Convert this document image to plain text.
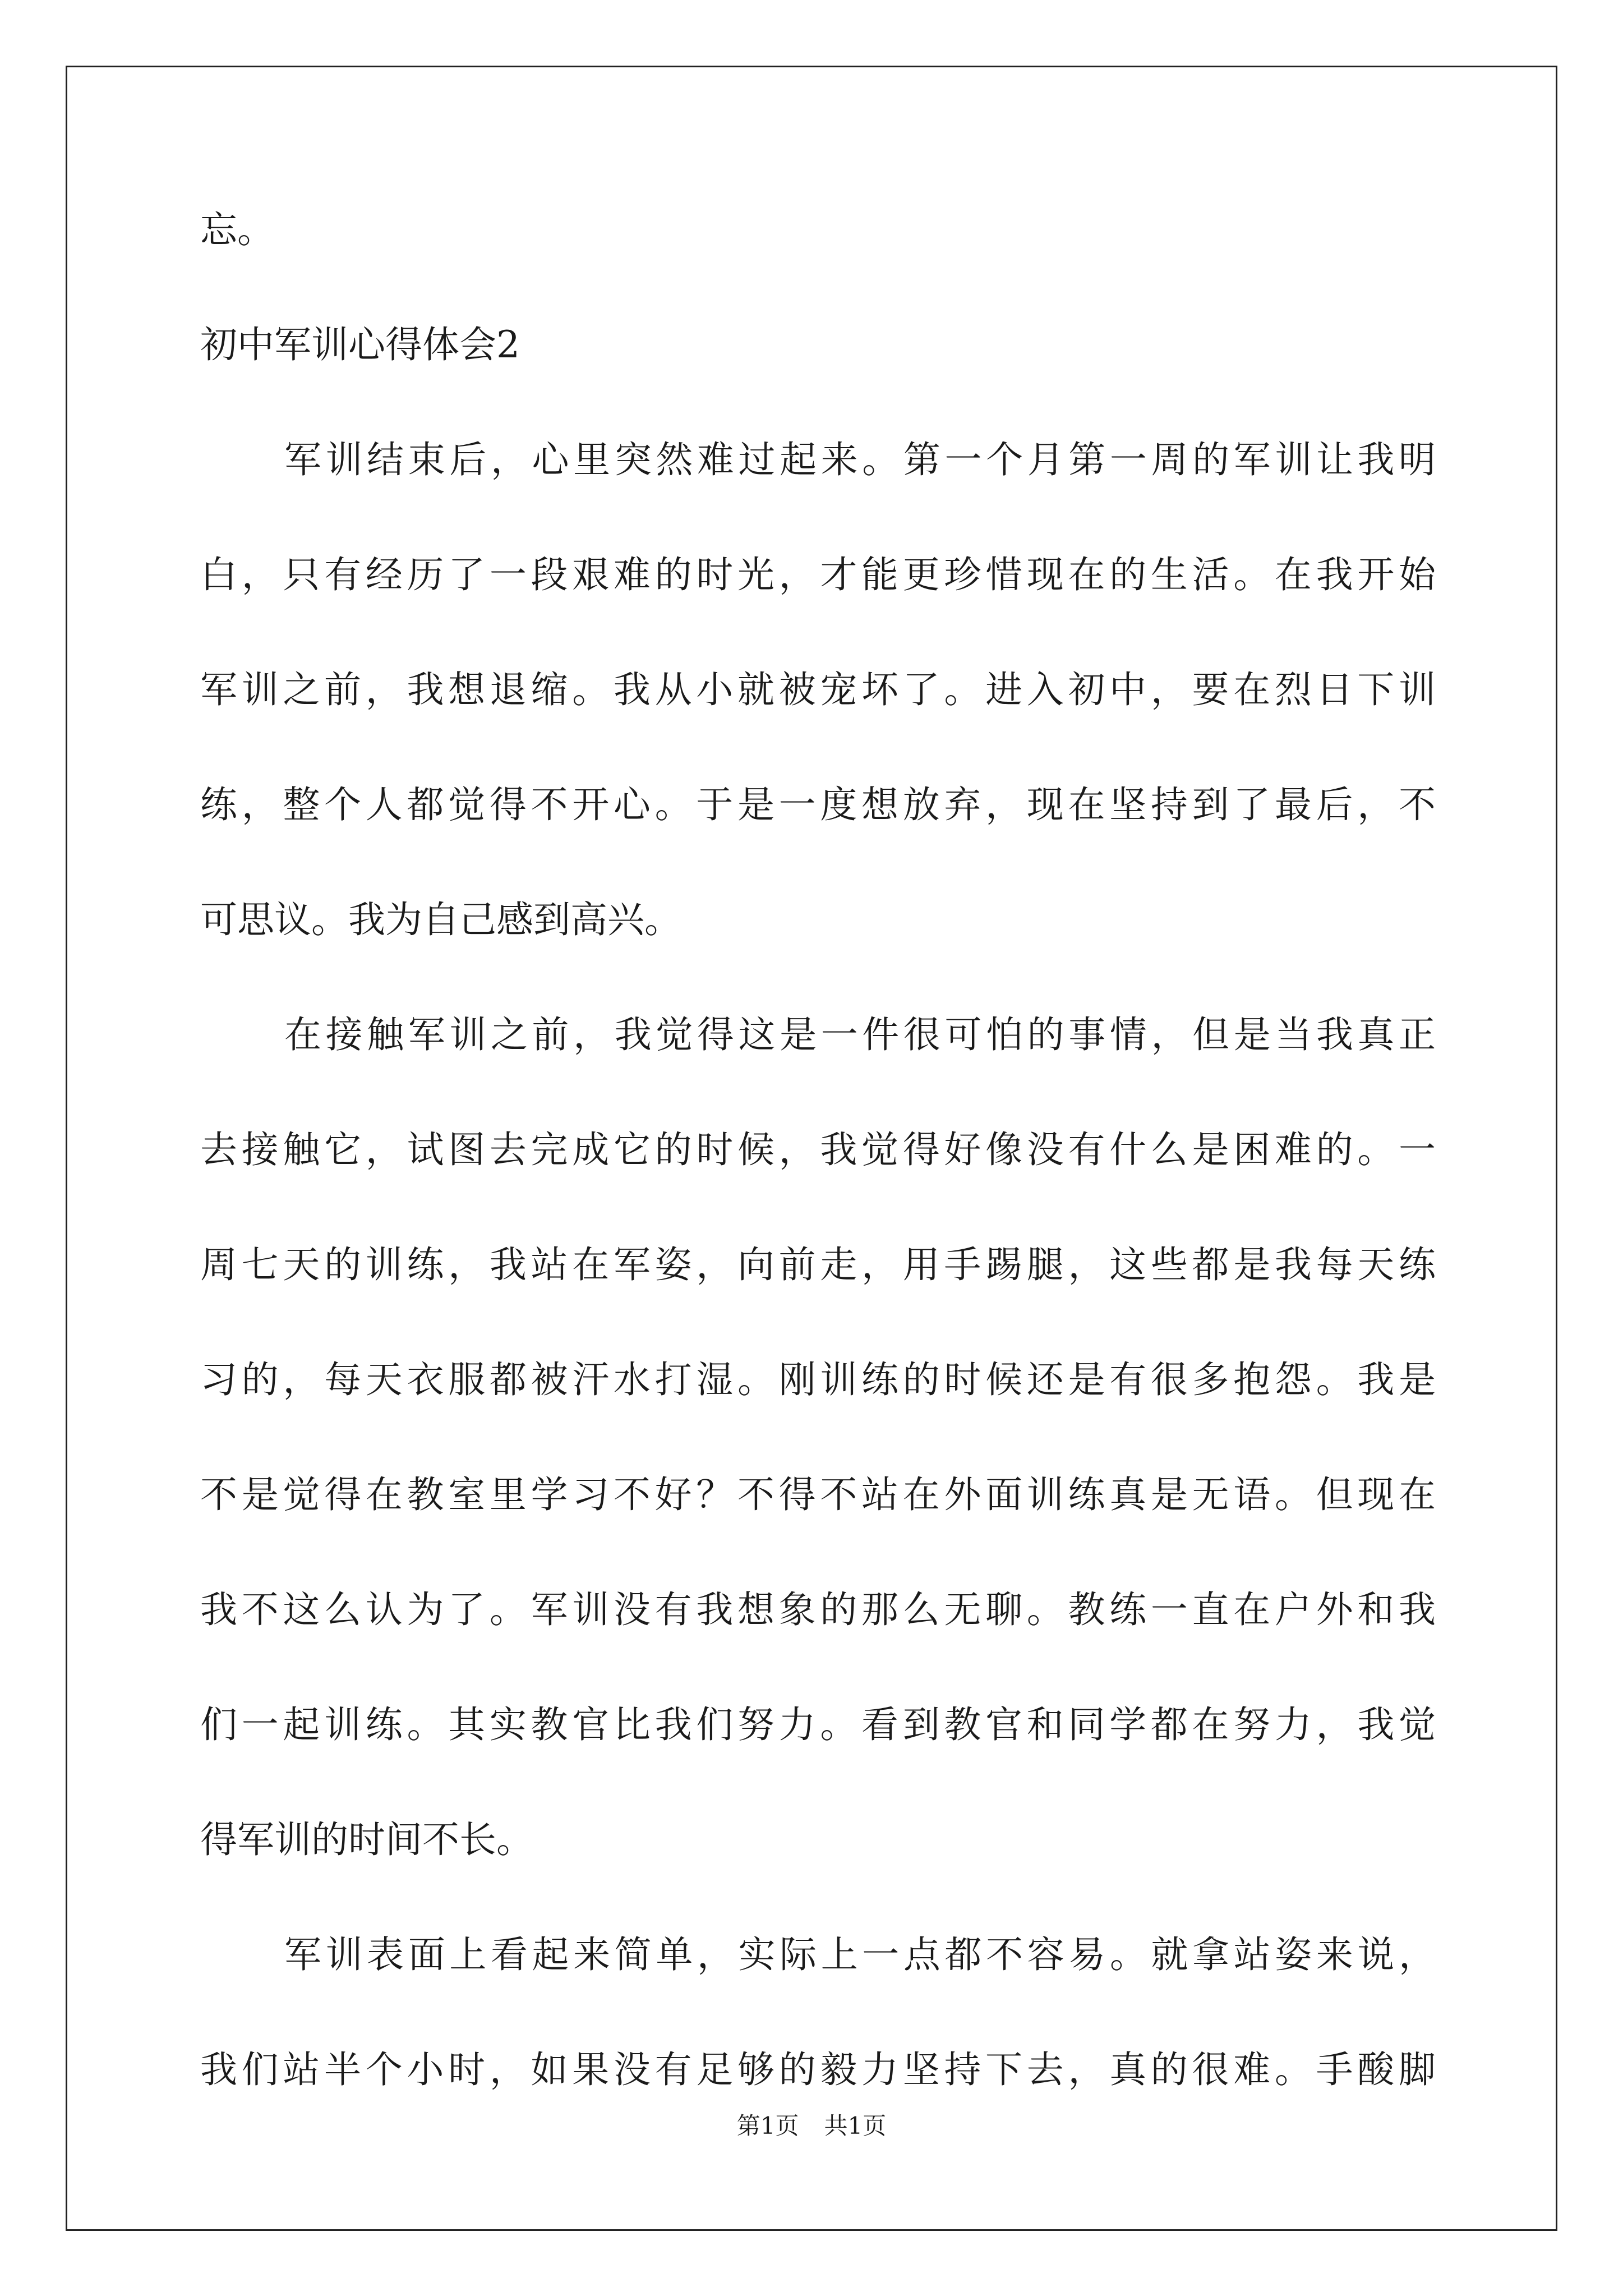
忘。

初中军训心得体会2

军训结束后，心里突然难过起来。第一个月第一周的军训让我明

白，只有经历了一段艰难的时光，才能更珍惜现在的生活。在我开始

军训之前，我想退缩。我从小就被宠坏了。进入初中，要在烈日下训

练，整个人都觉得不开心。于是一度想放弃，现在坚持到了最后，不

可思议。我为自己感到高兴。

在接触军训之前，我觉得这是一件很可怕的事情，但是当我真正

去接触它，试图去完成它的时候，我觉得好像没有什么是困难的。一

周七天的训练，我站在军姿，向前走，用手踢腿，这些都是我每天练

习的，每天衣服都被汗水打湿。刚训练的时候还是有很多抱怨。我是

不是觉得在教室里学习不好？不得不站在外面训练真是无语。但现在

我不这么认为了。军训没有我想象的那么无聊。教练一直在户外和我

们一起训练。其实教官比我们努力。看到教官和同学都在努力，我觉

得军训的时间不长。

军训表面上看起来简单，实际上一点都不容易。就拿站姿来说，

我们站半个小时，如果没有足够的毅力坚持下去，真的很难。手酸脚

第1页 共1页
